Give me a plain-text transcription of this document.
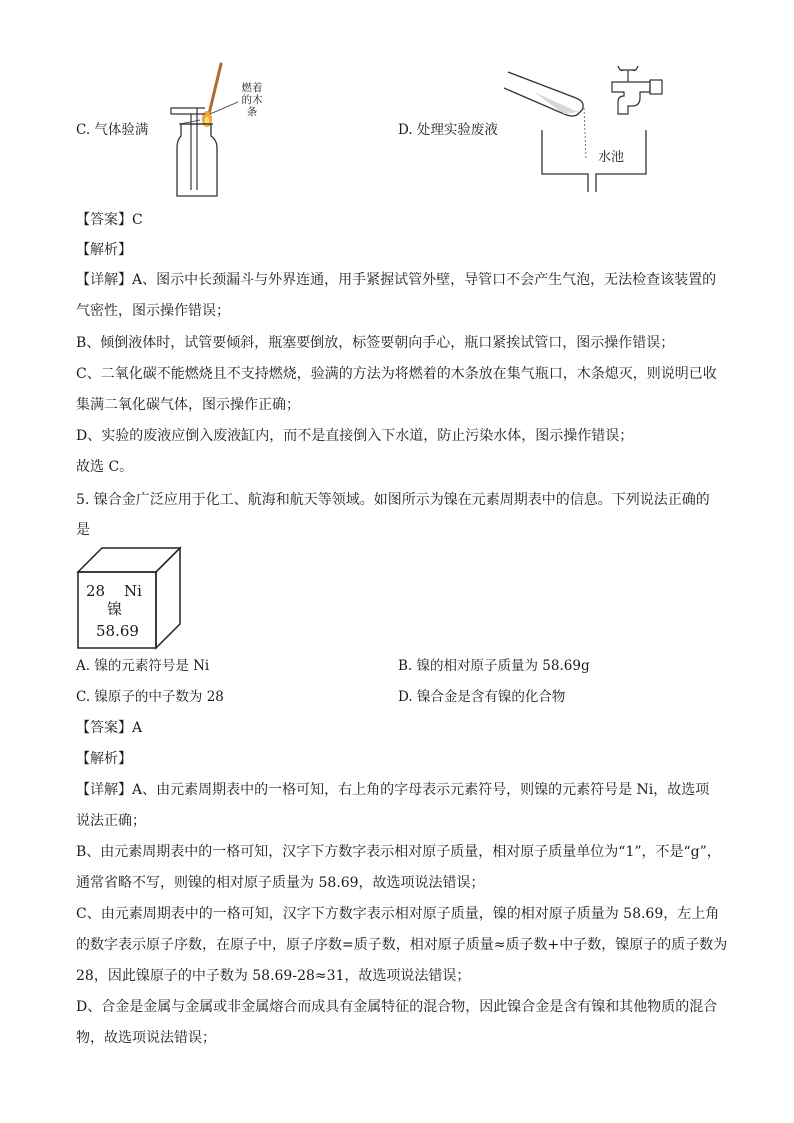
C. 气体验满
燃着
的木
条
D. 处理实验废液
水池
【答案】C
【解析】
【详解】A、图示中长颈漏斗与外界连通，用手紧握试管外壁，导管口不会产生气泡，无法检查该装置的
气密性，图示操作错误；
B、倾倒液体时，试管要倾斜，瓶塞要倒放，标签要朝向手心，瓶口紧挨试管口，图示操作错误；
C、二氧化碳不能燃烧且不支持燃烧，验满的方法为将燃着的木条放在集气瓶口，木条熄灭，则说明已收
集满二氧化碳气体，图示操作正确；
D、实验的废液应倒入废液缸内，而不是直接倒入下水道，防止污染水体，图示操作错误；
故选 C。
5. 镍合金广泛应用于化工、航海和航天等领域。如图所示为镍在元素周期表中的信息。下列说法正确的
是
28 Ni
镍
58.69
A. 镍的元素符号是 Ni	B. 镍的相对原子质量为 58.69g
C. 镍原子的中子数为 28	D. 镍合金是含有镍的化合物
【答案】A
【解析】
【详解】A、由元素周期表中的一格可知，右上角的字母表示元素符号，则镍的元素符号是 Ni，故选项
说法正确；
B、由元素周期表中的一格可知，汉字下方数字表示相对原子质量，相对原子质量单位为“1”，不是“g”，
通常省略不写，则镍的相对原子质量为 58.69，故选项说法错误；
C、由元素周期表中的一格可知，汉字下方数字表示相对原子质量，镍的相对原子质量为 58.69，左上角
的数字表示原子序数，在原子中，原子序数=质子数，相对原子质量≈质子数+中子数，镍原子的质子数为
28，因此镍原子的中子数为 58.69-28≈31，故选项说法错误；
D、合金是金属与金属或非金属熔合而成具有金属特征的混合物，因此镍合金是含有镍和其他物质的混合
物，故选项说法错误；
